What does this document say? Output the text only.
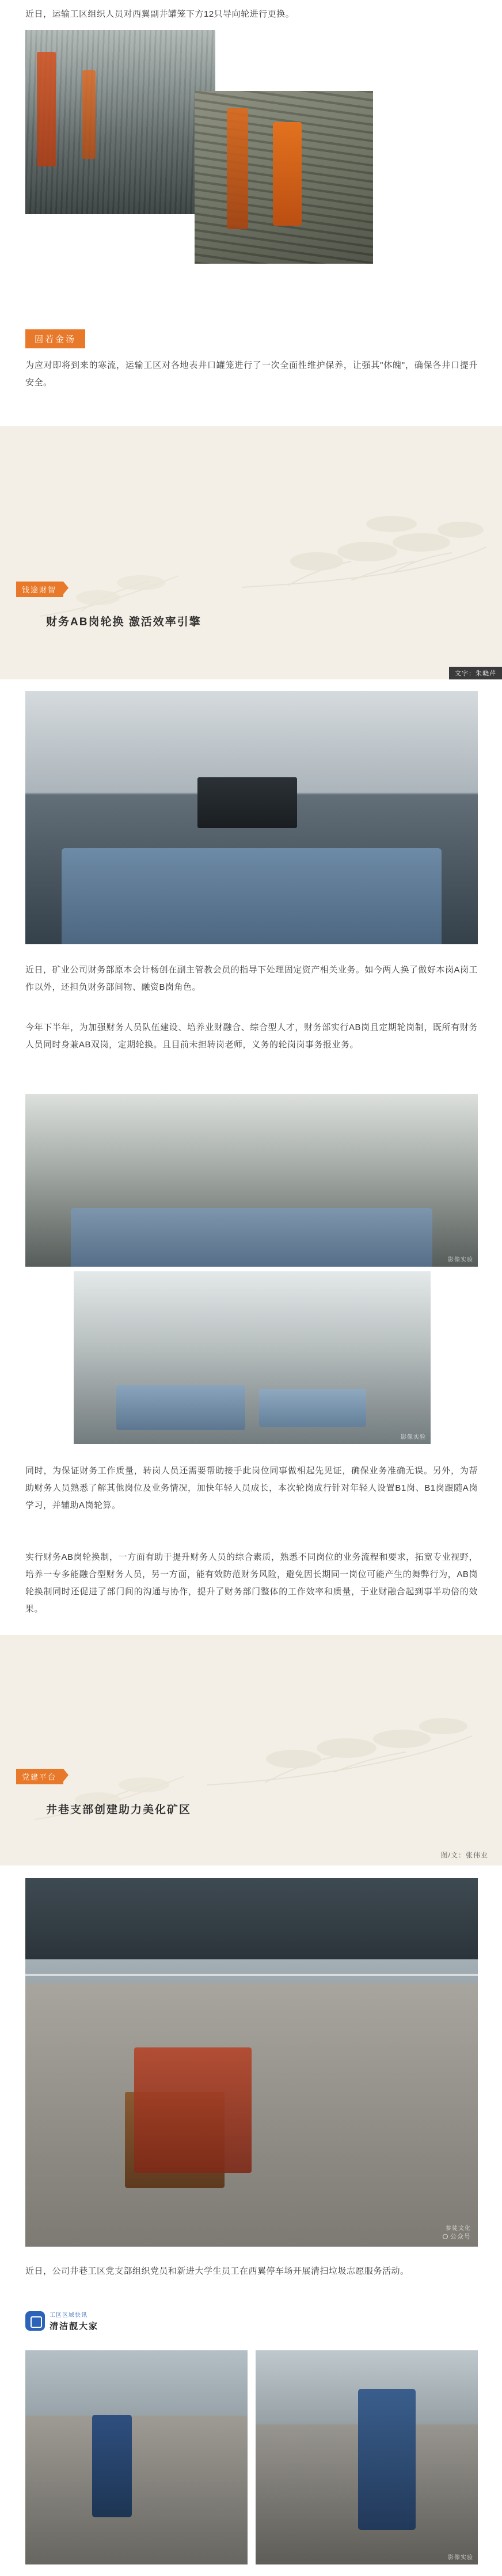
近日，运输工区组织人员对西翼副井罐笼下方12只导向轮进行更换。
固若金汤
为应对即将到来的寒流，运输工区对各地表井口罐笼进行了一次全面性维护保养，让强其"体魄"，确保各井口提升安全。
钱途财智
财务AB岗轮换 激活效率引擎
文字：朱晓芹
近日，矿业公司财务部原本会计杨创在副主管教会员的指导下处理固定资产相关业务。如今两人换了做好本岗A岗工作以外，还担负财务部间物、融资B岗角色。
今年下半年，为加强财务人员队伍建设、培养业财融合、综合型人才，财务部实行AB岗且定期轮岗制，既所有财务人员同时身兼AB双岗，定期轮换。且目前未担转岗老师，义务的轮岗岗事务报业务。
影像实验
影像实验
同时，为保证财务工作质量，转岗人员还需要帮助接手此岗位同事做相起先见证，确保业务准确无误。另外，为帮助财务人员熟悉了解其他岗位及业务情况，加快年轻人员成长，本次轮岗成行针对年轻人设置B1岗、B1岗跟随A岗学习，并辅助A岗轮算。
实行财务AB岗轮换制，一方面有助于提升财务人员的综合素质，熟悉不同岗位的业务流程和要求，拓宽专业视野，培养一专多能融合型财务人员，另一方面，能有效防范财务风险，避免因长期同一岗位可能产生的舞弊行为，AB岗轮换制同时还促进了部门间的沟通与协作，提升了财务部门整体的工作效率和质量，于业财融合起到事半功倍的效果。
党建平台
井巷支部创建助力美化矿区
图/文：张伟业
公众号
参徒文化
近日，公司井巷工区党支部组织党员和新进大学生员工在西翼停车场开展清扫垃圾志愿服务活动。
工区区域快讯
清洁靓大家
影像实验
